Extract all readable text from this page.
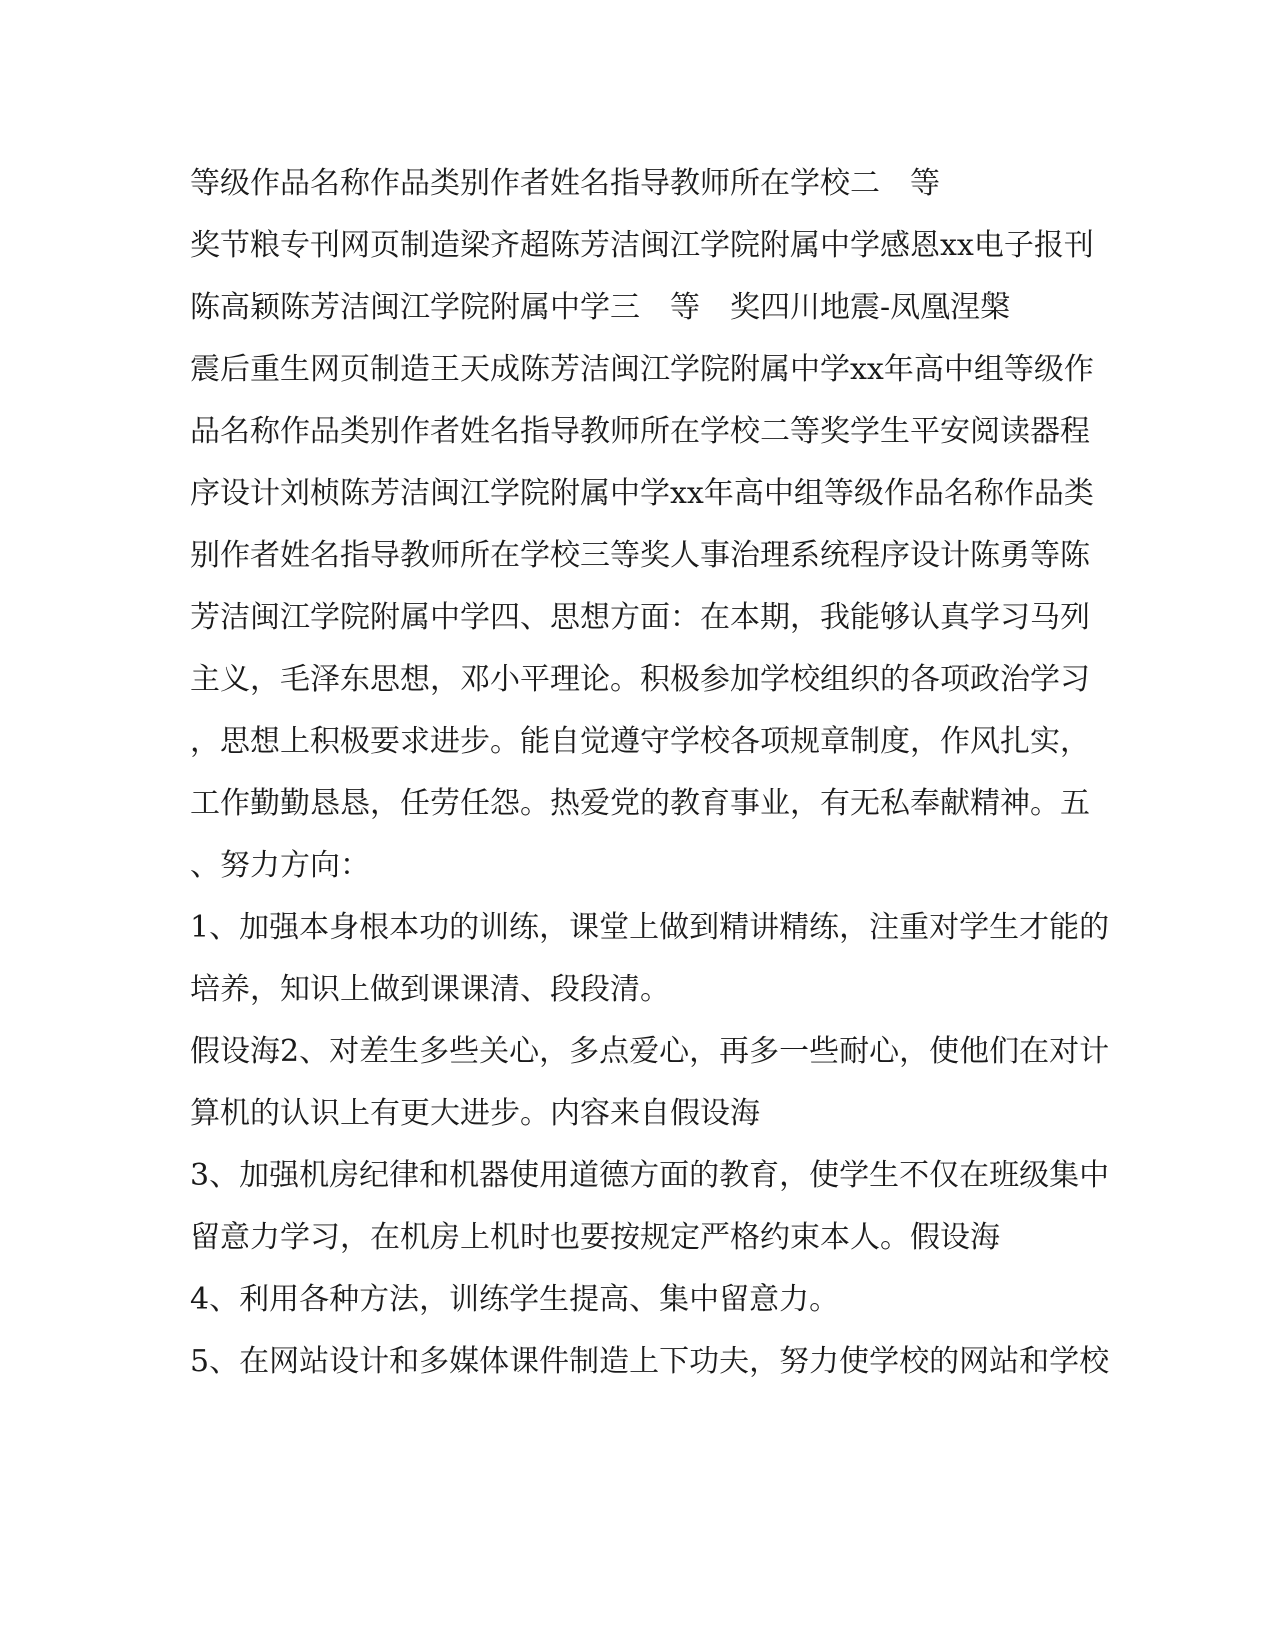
等级作品名称作品类别作者姓名指导教师所在学校二　等
奖节粮专刊网页制造梁齐超陈芳洁闽江学院附属中学感恩xx电子报刊
陈高颖陈芳洁闽江学院附属中学三　等　奖四川地震-凤凰涅槃
震后重生网页制造王天成陈芳洁闽江学院附属中学xx年高中组等级作
品名称作品类别作者姓名指导教师所在学校二等奖学生平安阅读器程
序设计刘桢陈芳洁闽江学院附属中学xx年高中组等级作品名称作品类
别作者姓名指导教师所在学校三等奖人事治理系统程序设计陈勇等陈
芳洁闽江学院附属中学四、思想方面：在本期，我能够认真学习马列
主义，毛泽东思想，邓小平理论。积极参加学校组织的各项政治学习
，思想上积极要求进步。能自觉遵守学校各项规章制度，作风扎实，
工作勤勤恳恳，任劳任怨。热爱党的教育事业，有无私奉献精神。五
、努力方向：
1、加强本身根本功的训练，课堂上做到精讲精练，注重对学生才能的
培养，知识上做到课课清、段段清。
假设海2、对差生多些关心，多点爱心，再多一些耐心，使他们在对计
算机的认识上有更大进步。内容来自假设海
3、加强机房纪律和机器使用道德方面的教育，使学生不仅在班级集中
留意力学习，在机房上机时也要按规定严格约束本人。假设海
4、利用各种方法，训练学生提高、集中留意力。
5、在网站设计和多媒体课件制造上下功夫，努力使学校的网站和学校
